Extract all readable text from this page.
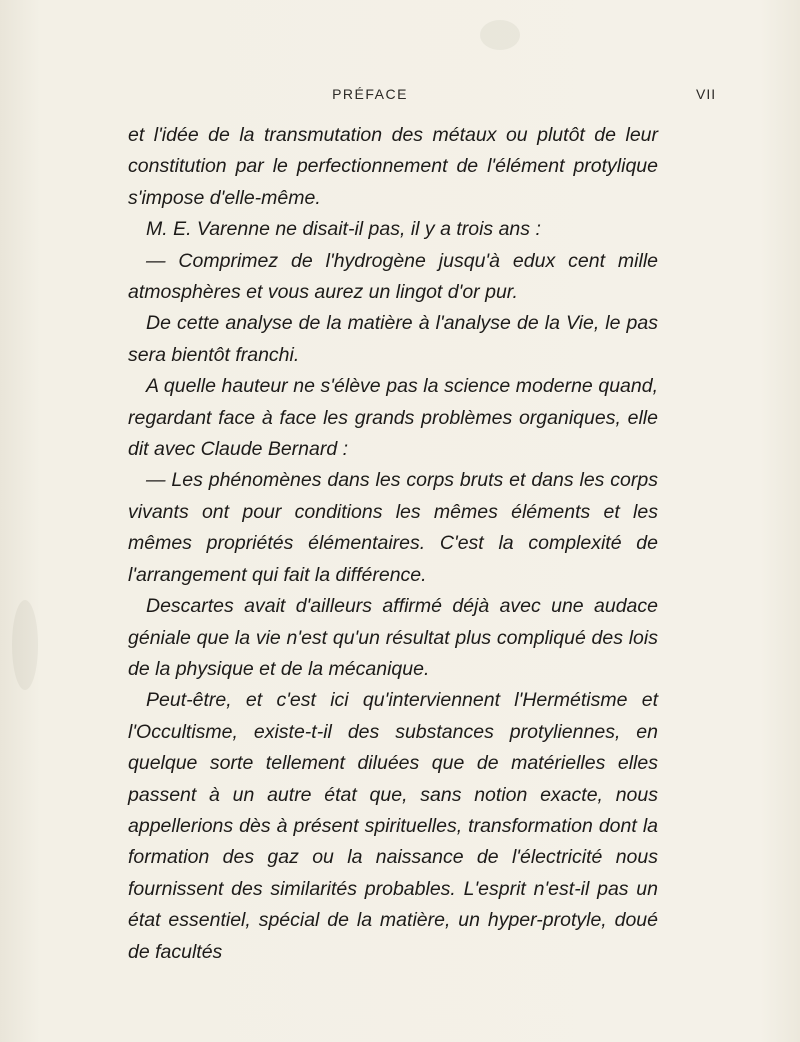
PRÉFACE	VII

et l'idée de la transmutation des métaux ou plutôt de leur constitution par le perfectionnement de l'élément protylique s'impose d'elle-même.

M. E. Varenne ne disait-il pas, il y a trois ans :

— Comprimez de l'hydrogène jusqu'à edux cent mille atmosphères et vous aurez un lingot d'or pur.

De cette analyse de la matière à l'analyse de la Vie, le pas sera bientôt franchi.

A quelle hauteur ne s'élève pas la science moderne quand, regardant face à face les grands problèmes organiques, elle dit avec Claude Bernard :

— Les phénomènes dans les corps bruts et dans les corps vivants ont pour conditions les mêmes éléments et les mêmes propriétés élémentaires. C'est la complexité de l'arrangement qui fait la différence.

Descartes avait d'ailleurs affirmé déjà avec une audace géniale que la vie n'est qu'un résultat plus compliqué des lois de la physique et de la mécanique.

Peut-être, et c'est ici qu'interviennent l'Hermétisme et l'Occultisme, existe-t-il des substances protyliennes, en quelque sorte tellement diluées que de matérielles elles passent à un autre état que, sans notion exacte, nous appellerions dès à présent spirituelles, transformation dont la formation des gaz ou la naissance de l'électricité nous fournissent des similarités probables. L'esprit n'est-il pas un état essentiel, spécial de la matière, un hyper-protyle, doué de facultés
